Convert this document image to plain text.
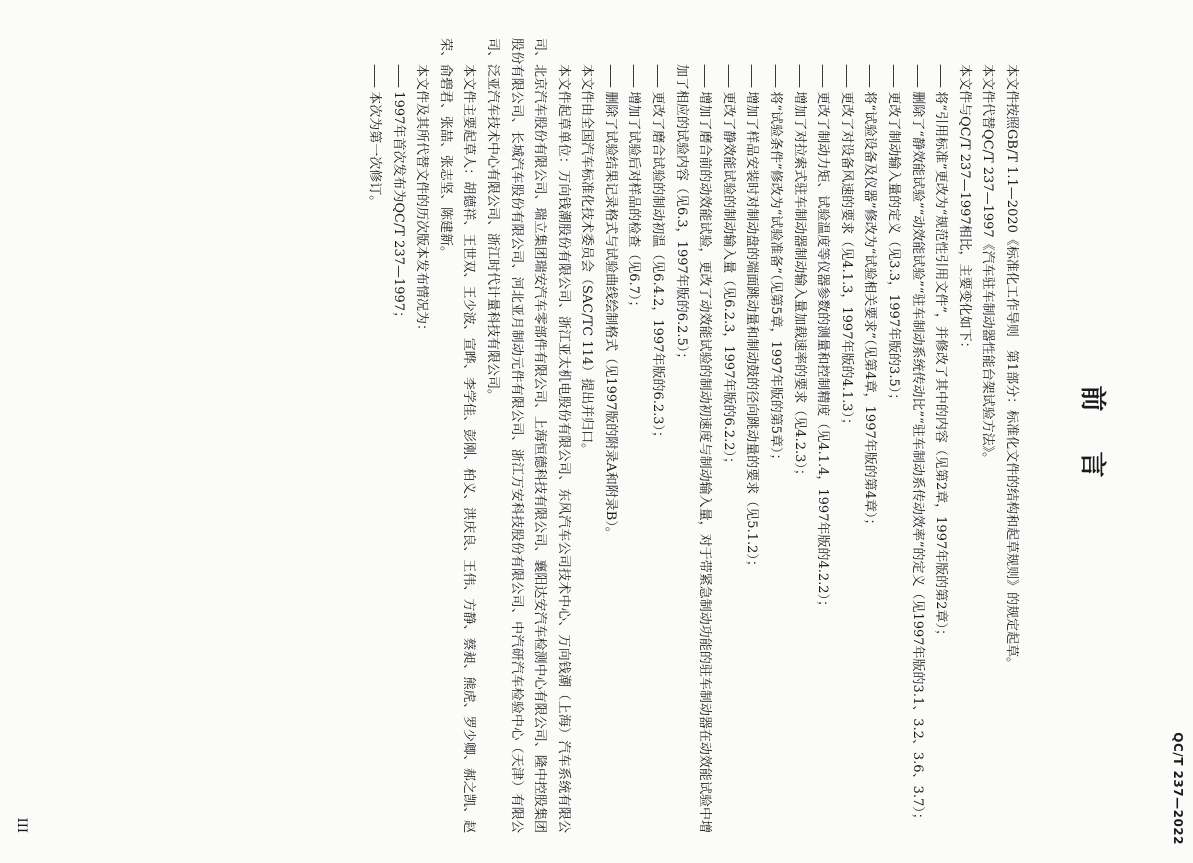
QC/T 237—2022
前言

本文件按照GB/T 1.1—2020《标准化工作导则　第1部分：标准化文件的结构和起草规则》的规定起草。

本文件代替QC/T 237—1997《汽车驻车制动器性能台架试验方法》。

本文件与QC/T 237—1997相比，主要变化如下：

——将“引用标准”更改为“规范性引用文件”，并修改了其中的内容（见第2章，1997年版的第2章）；

——删除了“静效能试验”“动效能试验”“驻车制动系统传动比”“驻车制动系传动效率”的定义（见1997年版的3.1、3.2、3.6、3.7）；

——更改了制动输入量的定义（见3.3，1997年版的3.5）；

——将“试验设备及仪器”修改为“试验相关要求”（见第4章，1997年版的第4章）；

——更改了对设备风速的要求（见4.1.3，1997年版的4.1.3）；

——更改了制动力矩、试验温度等仪器参数的测量和控制精度（见4.1.4，1997年版的4.2.2）；

——增加了对拉索式驻车制动器制动输入量加载速率的要求（见4.2.3）；

——将“试验条件”修改为“试验准备”（见第5章，1997年版的第5章）；

——增加了样品安装时对制动盘的端面跳动量和制动鼓的径向跳动量的要求（见5.1.2）；

——更改了静效能试验的制动输入量（见6.2.3，1997年版的6.2.2）；

——增加了磨合前的动效能试验，更改了动效能试验的制动初速度与制动输入量，对于带紧急制动功能的驻车制动器在动效能试验中增加了相应的试验内容（见6.3，1997年版的6.2.5）；

——更改了磨合试验的制动初温（见6.4.2，1997年版的6.2.3）；

——增加了试验后对样品的检查（见6.7）；

——删除了试验结果记录格式与试验曲线绘制格式（见1997版的附录A和附录B）。

本文件由全国汽车标准化技术委员会（SAC/TC 114）提出并归口。

本文件起草单位：万向钱潮股份有限公司、浙江亚太机电股份有限公司、东风汽车公司技术中心、万向钱潮（上海）汽车系统有限公司、北京汽车股份有限公司、瑞立集团瑞安汽车零部件有限公司、上海恒德科技有限公司、襄阳达安汽车检测中心有限公司、隆中控股集团股份有限公司、长城汽车股份有限公司、河北亚月制动元件有限公司、浙江万安科技股份有限公司、中汽研汽车检验中心（天津）有限公司、泛亚汽车技术中心有限公司、浙江时代计量科技有限公司。

本文件主要起草人：胡德祥、王世双、王少波、宣晔、李学佳、彭刚、柏义、洪庆良、王伟、方静、蔡昶、熊虎、罗少卿、郝之凯、赵荣、俞碧君、张喆、张志坚、陈建新。

本文件及其所代替文件的历次版本发布情况为：

——1997年首次发布为QC/T 237—1997；

——本次为第一次修订。

III
